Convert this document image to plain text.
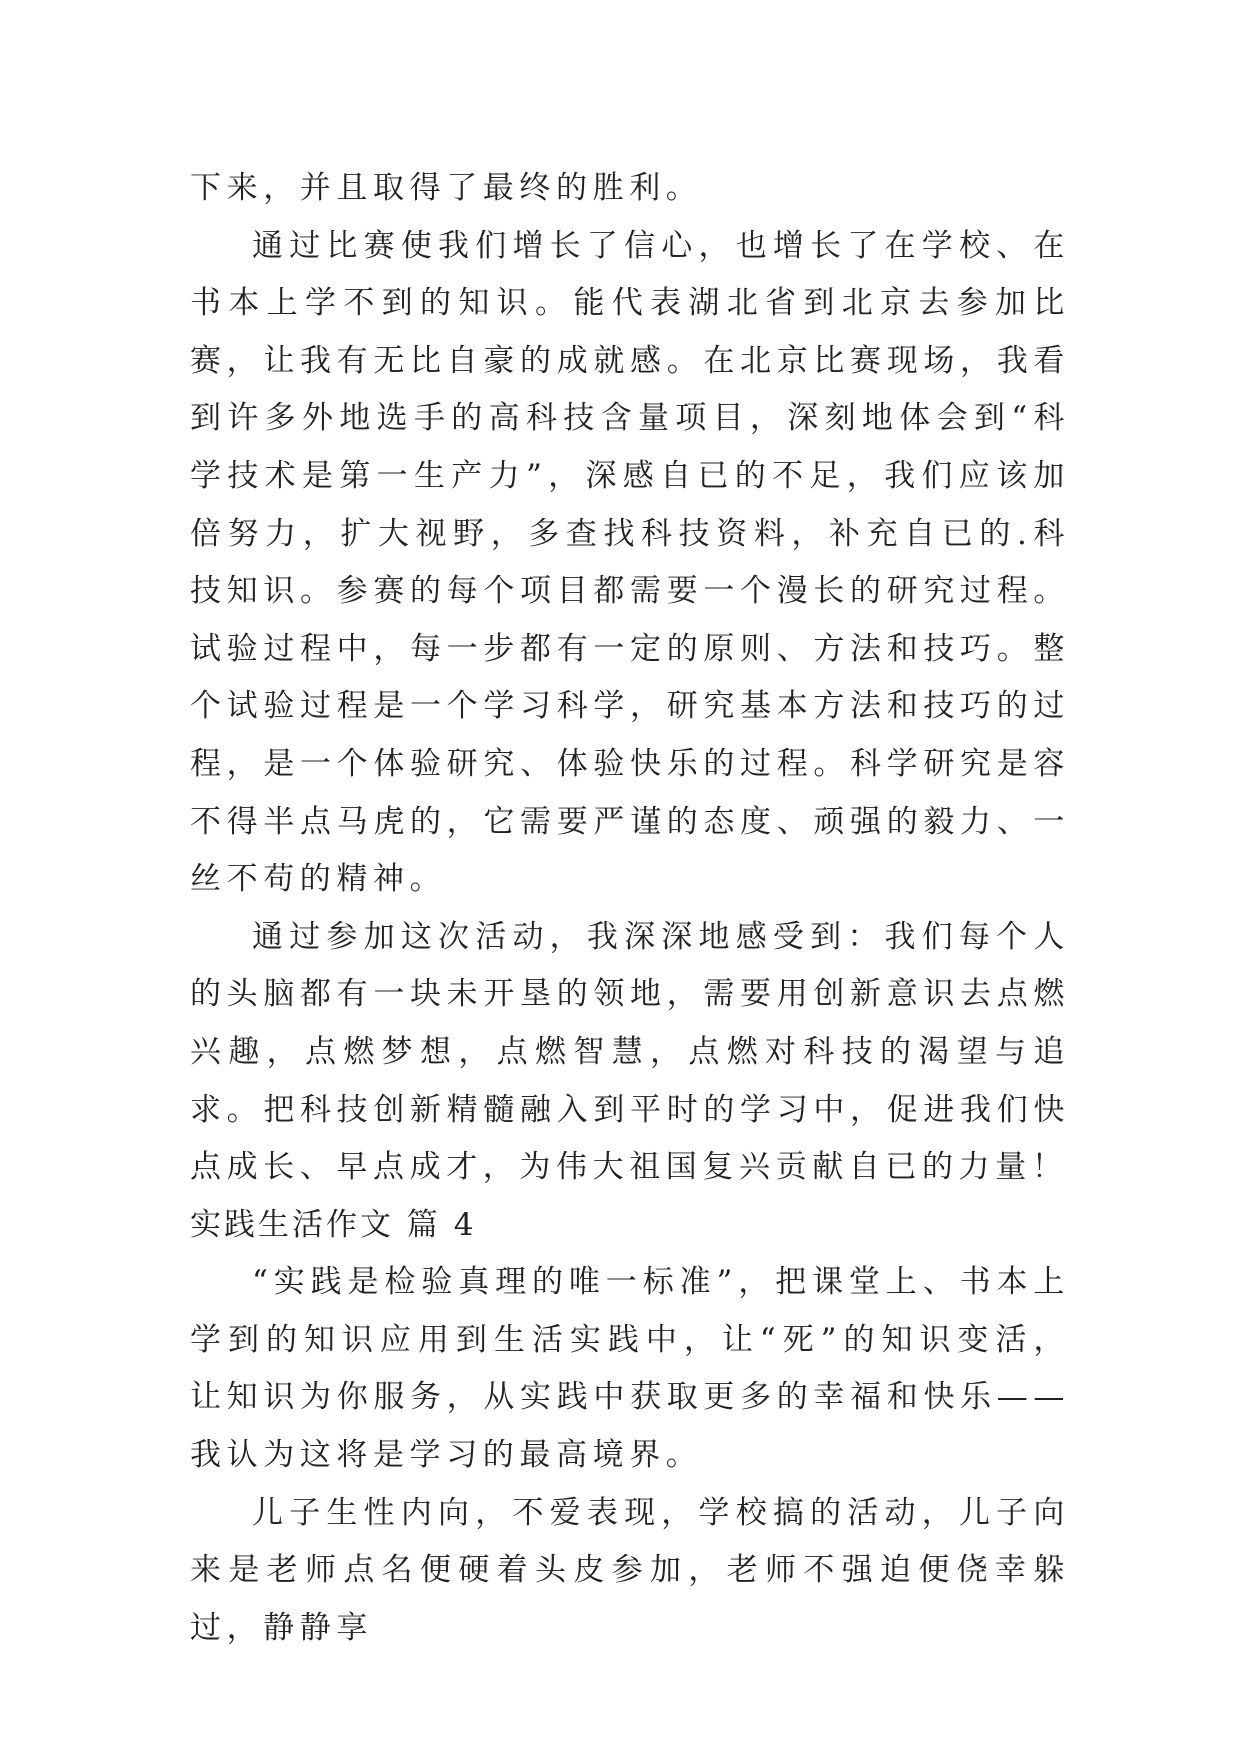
下来，并且取得了最终的胜利。

通过比赛使我们增长了信心，也增长了在学校、在书本上学不到的知识。能代表湖北省到北京去参加比赛，让我有无比自豪的成就感。在北京比赛现场，我看到许多外地选手的高科技含量项目，深刻地体会到“科学技术是第一生产力”，深感自已的不足，我们应该加倍努力，扩大视野，多查找科技资料，补充自已的.科技知识。参赛的每个项目都需要一个漫长的研究过程。试验过程中，每一步都有一定的原则、方法和技巧。整个试验过程是一个学习科学，研究基本方法和技巧的过程，是一个体验研究、体验快乐的过程。科学研究是容不得半点马虎的，它需要严谨的态度、顽强的毅力、一丝不苟的精神。

通过参加这次活动，我深深地感受到：我们每个人的头脑都有一块未开垦的领地，需要用创新意识去点燃兴趣，点燃梦想，点燃智慧，点燃对科技的渴望与追求。把科技创新精髓融入到平时的学习中，促进我们快点成长、早点成才，为伟大祖国复兴贡献自已的力量！

实践生活作文 篇 4

“实践是检验真理的唯一标准”，把课堂上、书本上学到的知识应用到生活实践中，让“死”的知识变活，让知识为你服务，从实践中获取更多的幸福和快乐——我认为这将是学习的最高境界。

儿子生性内向，不爱表现，学校搞的活动，儿子向来是老师点名便硬着头皮参加，老师不强迫便侥幸躲过，静静享
